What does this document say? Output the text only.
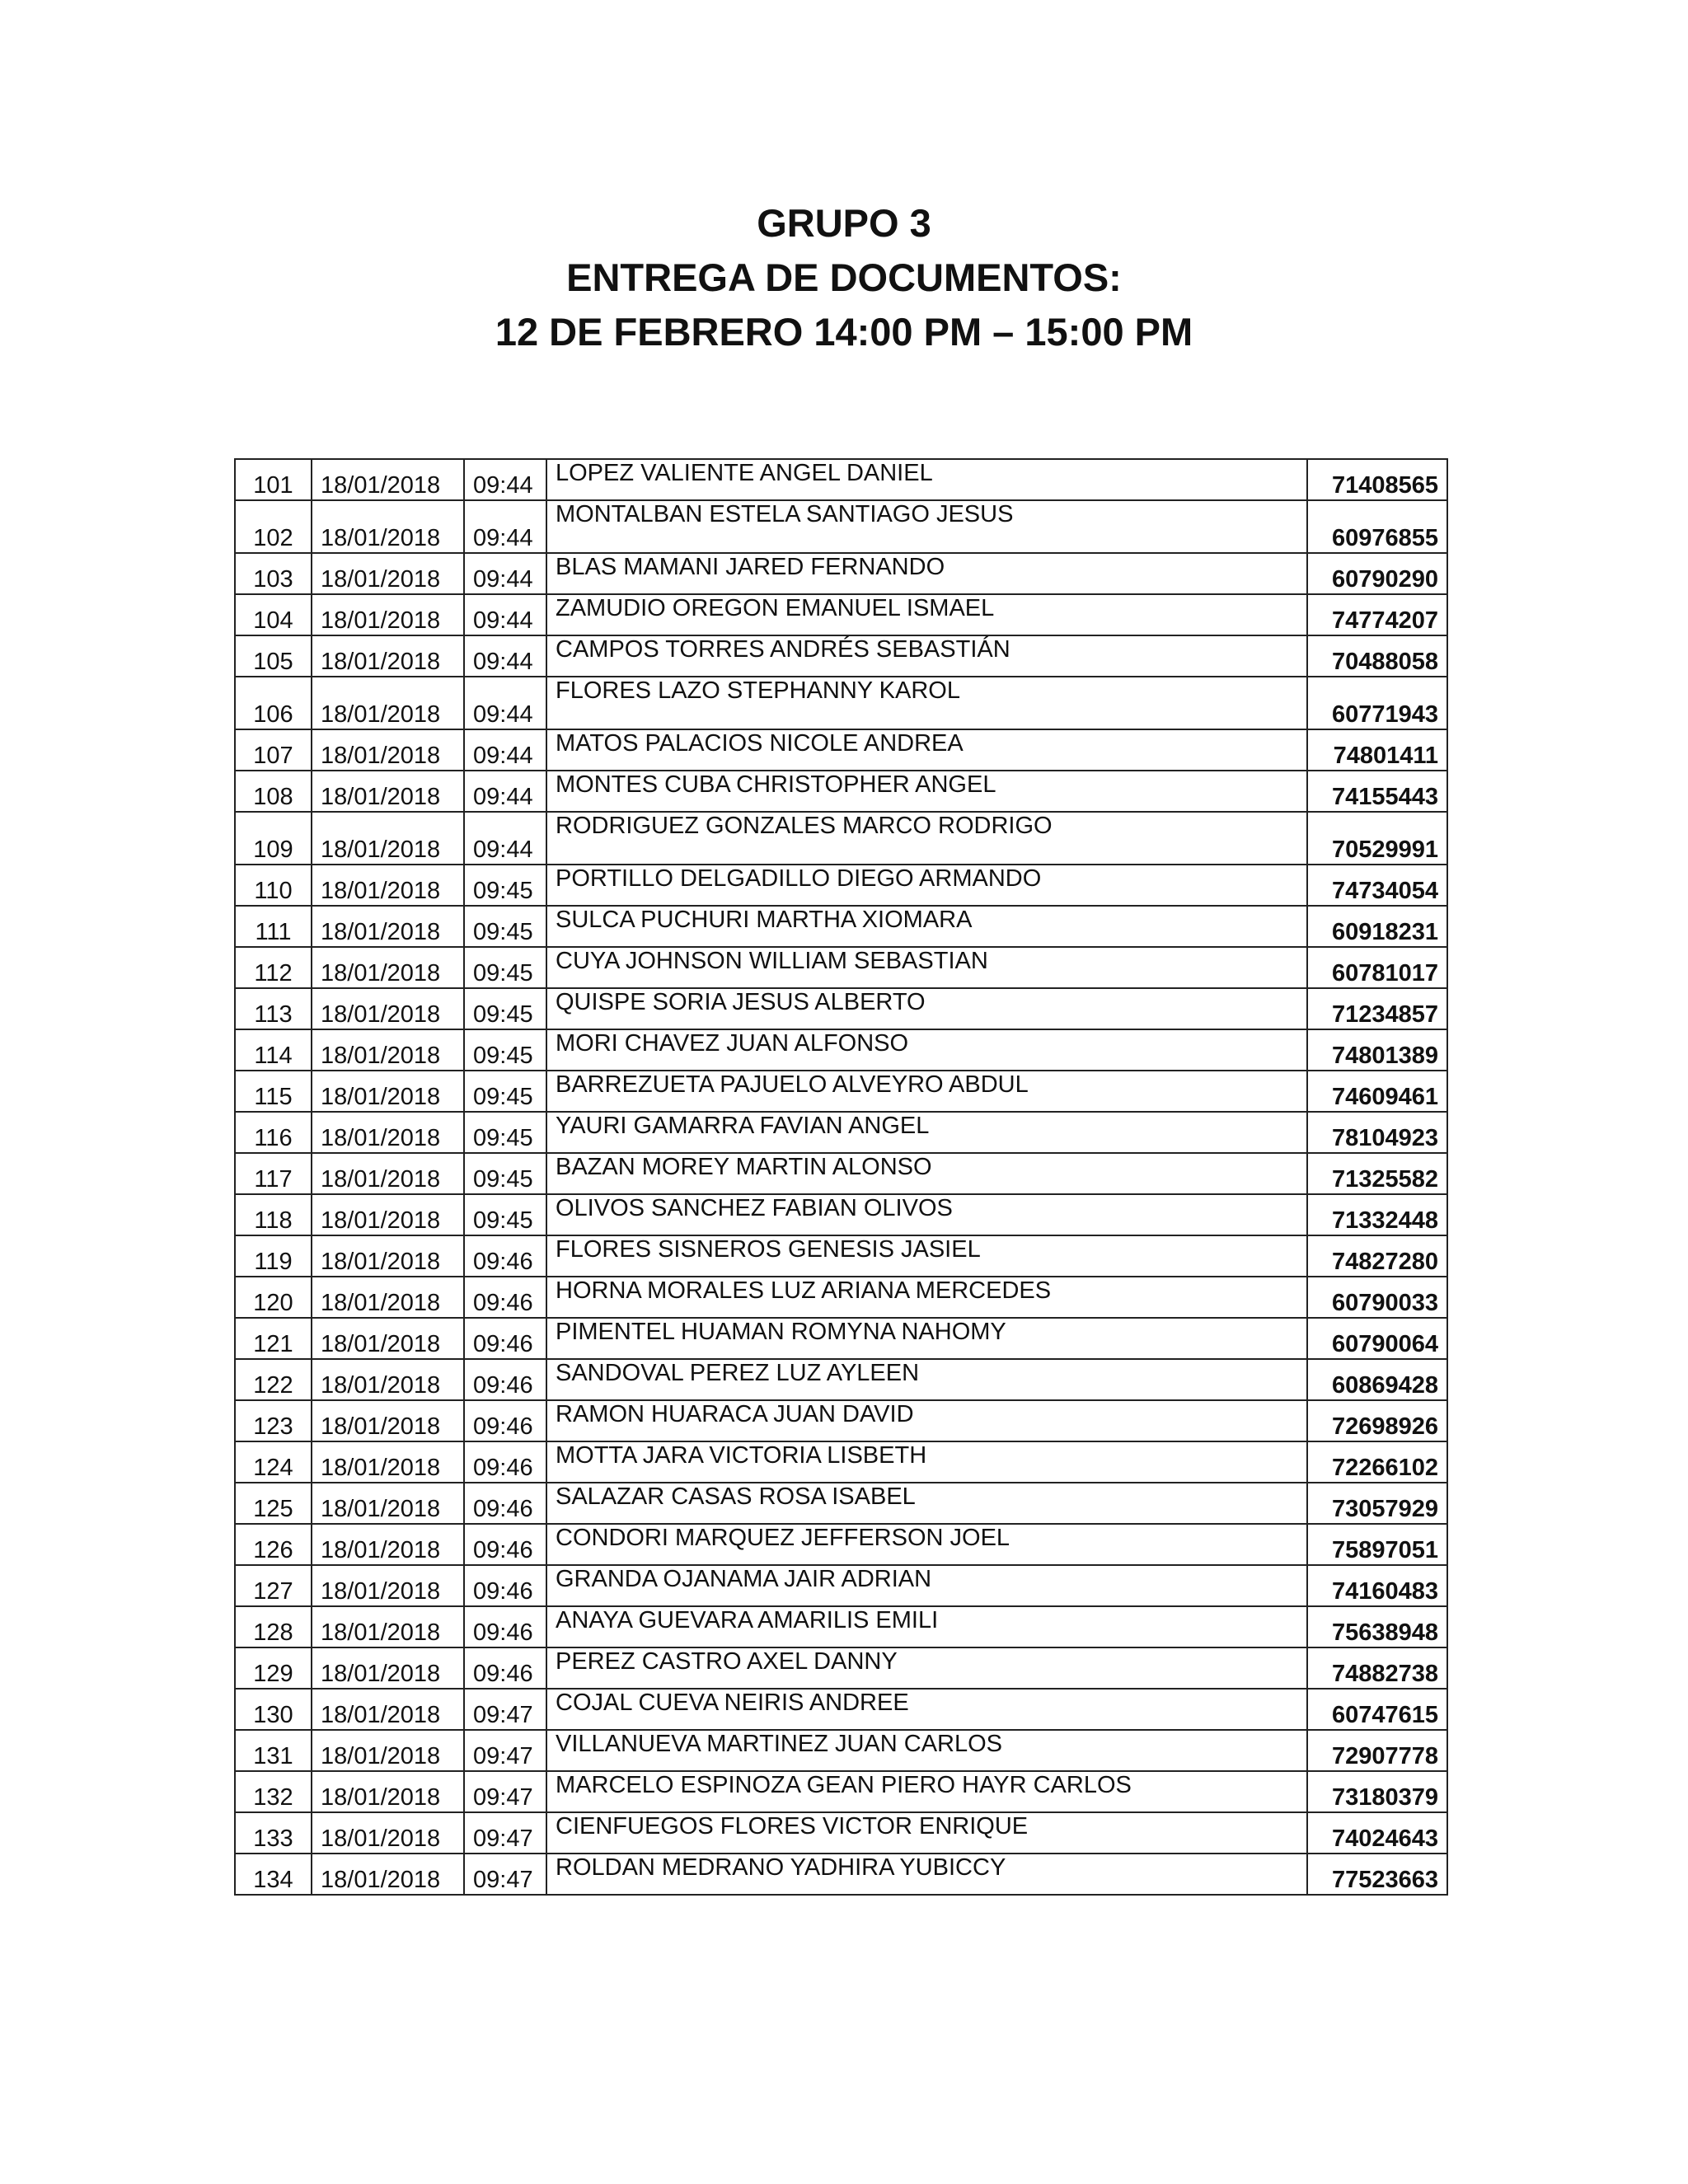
GRUPO 3
ENTREGA DE DOCUMENTOS:
12 DE FEBRERO 14:00 PM – 15:00 PM
101	18/01/2018	09:44	LOPEZ VALIENTE ANGEL DANIEL	71408565
102	18/01/2018	09:44	MONTALBAN ESTELA SANTIAGO JESUS	60976855
103	18/01/2018	09:44	BLAS MAMANI JARED FERNANDO	60790290
104	18/01/2018	09:44	ZAMUDIO OREGON EMANUEL ISMAEL	74774207
105	18/01/2018	09:44	CAMPOS TORRES ANDRÉS SEBASTIÁN	70488058
106	18/01/2018	09:44	FLORES LAZO STEPHANNY KAROL	60771943
107	18/01/2018	09:44	MATOS PALACIOS NICOLE ANDREA	74801411
108	18/01/2018	09:44	MONTES CUBA CHRISTOPHER ANGEL	74155443
109	18/01/2018	09:44	RODRIGUEZ GONZALES MARCO RODRIGO	70529991
110	18/01/2018	09:45	PORTILLO DELGADILLO DIEGO ARMANDO	74734054
111	18/01/2018	09:45	SULCA PUCHURI MARTHA XIOMARA	60918231
112	18/01/2018	09:45	CUYA JOHNSON WILLIAM SEBASTIAN	60781017
113	18/01/2018	09:45	QUISPE SORIA JESUS ALBERTO	71234857
114	18/01/2018	09:45	MORI CHAVEZ JUAN ALFONSO	74801389
115	18/01/2018	09:45	BARREZUETA PAJUELO ALVEYRO ABDUL	74609461
116	18/01/2018	09:45	YAURI GAMARRA FAVIAN ANGEL	78104923
117	18/01/2018	09:45	BAZAN MOREY MARTIN ALONSO	71325582
118	18/01/2018	09:45	OLIVOS SANCHEZ FABIAN OLIVOS	71332448
119	18/01/2018	09:46	FLORES SISNEROS GENESIS JASIEL	74827280
120	18/01/2018	09:46	HORNA MORALES LUZ ARIANA MERCEDES	60790033
121	18/01/2018	09:46	PIMENTEL HUAMAN ROMYNA NAHOMY	60790064
122	18/01/2018	09:46	SANDOVAL PEREZ LUZ AYLEEN	60869428
123	18/01/2018	09:46	RAMON HUARACA JUAN DAVID	72698926
124	18/01/2018	09:46	MOTTA JARA VICTORIA LISBETH	72266102
125	18/01/2018	09:46	SALAZAR CASAS ROSA ISABEL	73057929
126	18/01/2018	09:46	CONDORI MARQUEZ JEFFERSON JOEL	75897051
127	18/01/2018	09:46	GRANDA OJANAMA JAIR ADRIAN	74160483
128	18/01/2018	09:46	ANAYA GUEVARA AMARILIS EMILI	75638948
129	18/01/2018	09:46	PEREZ CASTRO AXEL DANNY	74882738
130	18/01/2018	09:47	COJAL CUEVA NEIRIS ANDREE	60747615
131	18/01/2018	09:47	VILLANUEVA MARTINEZ JUAN CARLOS	72907778
132	18/01/2018	09:47	MARCELO ESPINOZA GEAN PIERO HAYR CARLOS	73180379
133	18/01/2018	09:47	CIENFUEGOS FLORES VICTOR ENRIQUE	74024643
134	18/01/2018	09:47	ROLDAN MEDRANO YADHIRA YUBICCY	77523663
